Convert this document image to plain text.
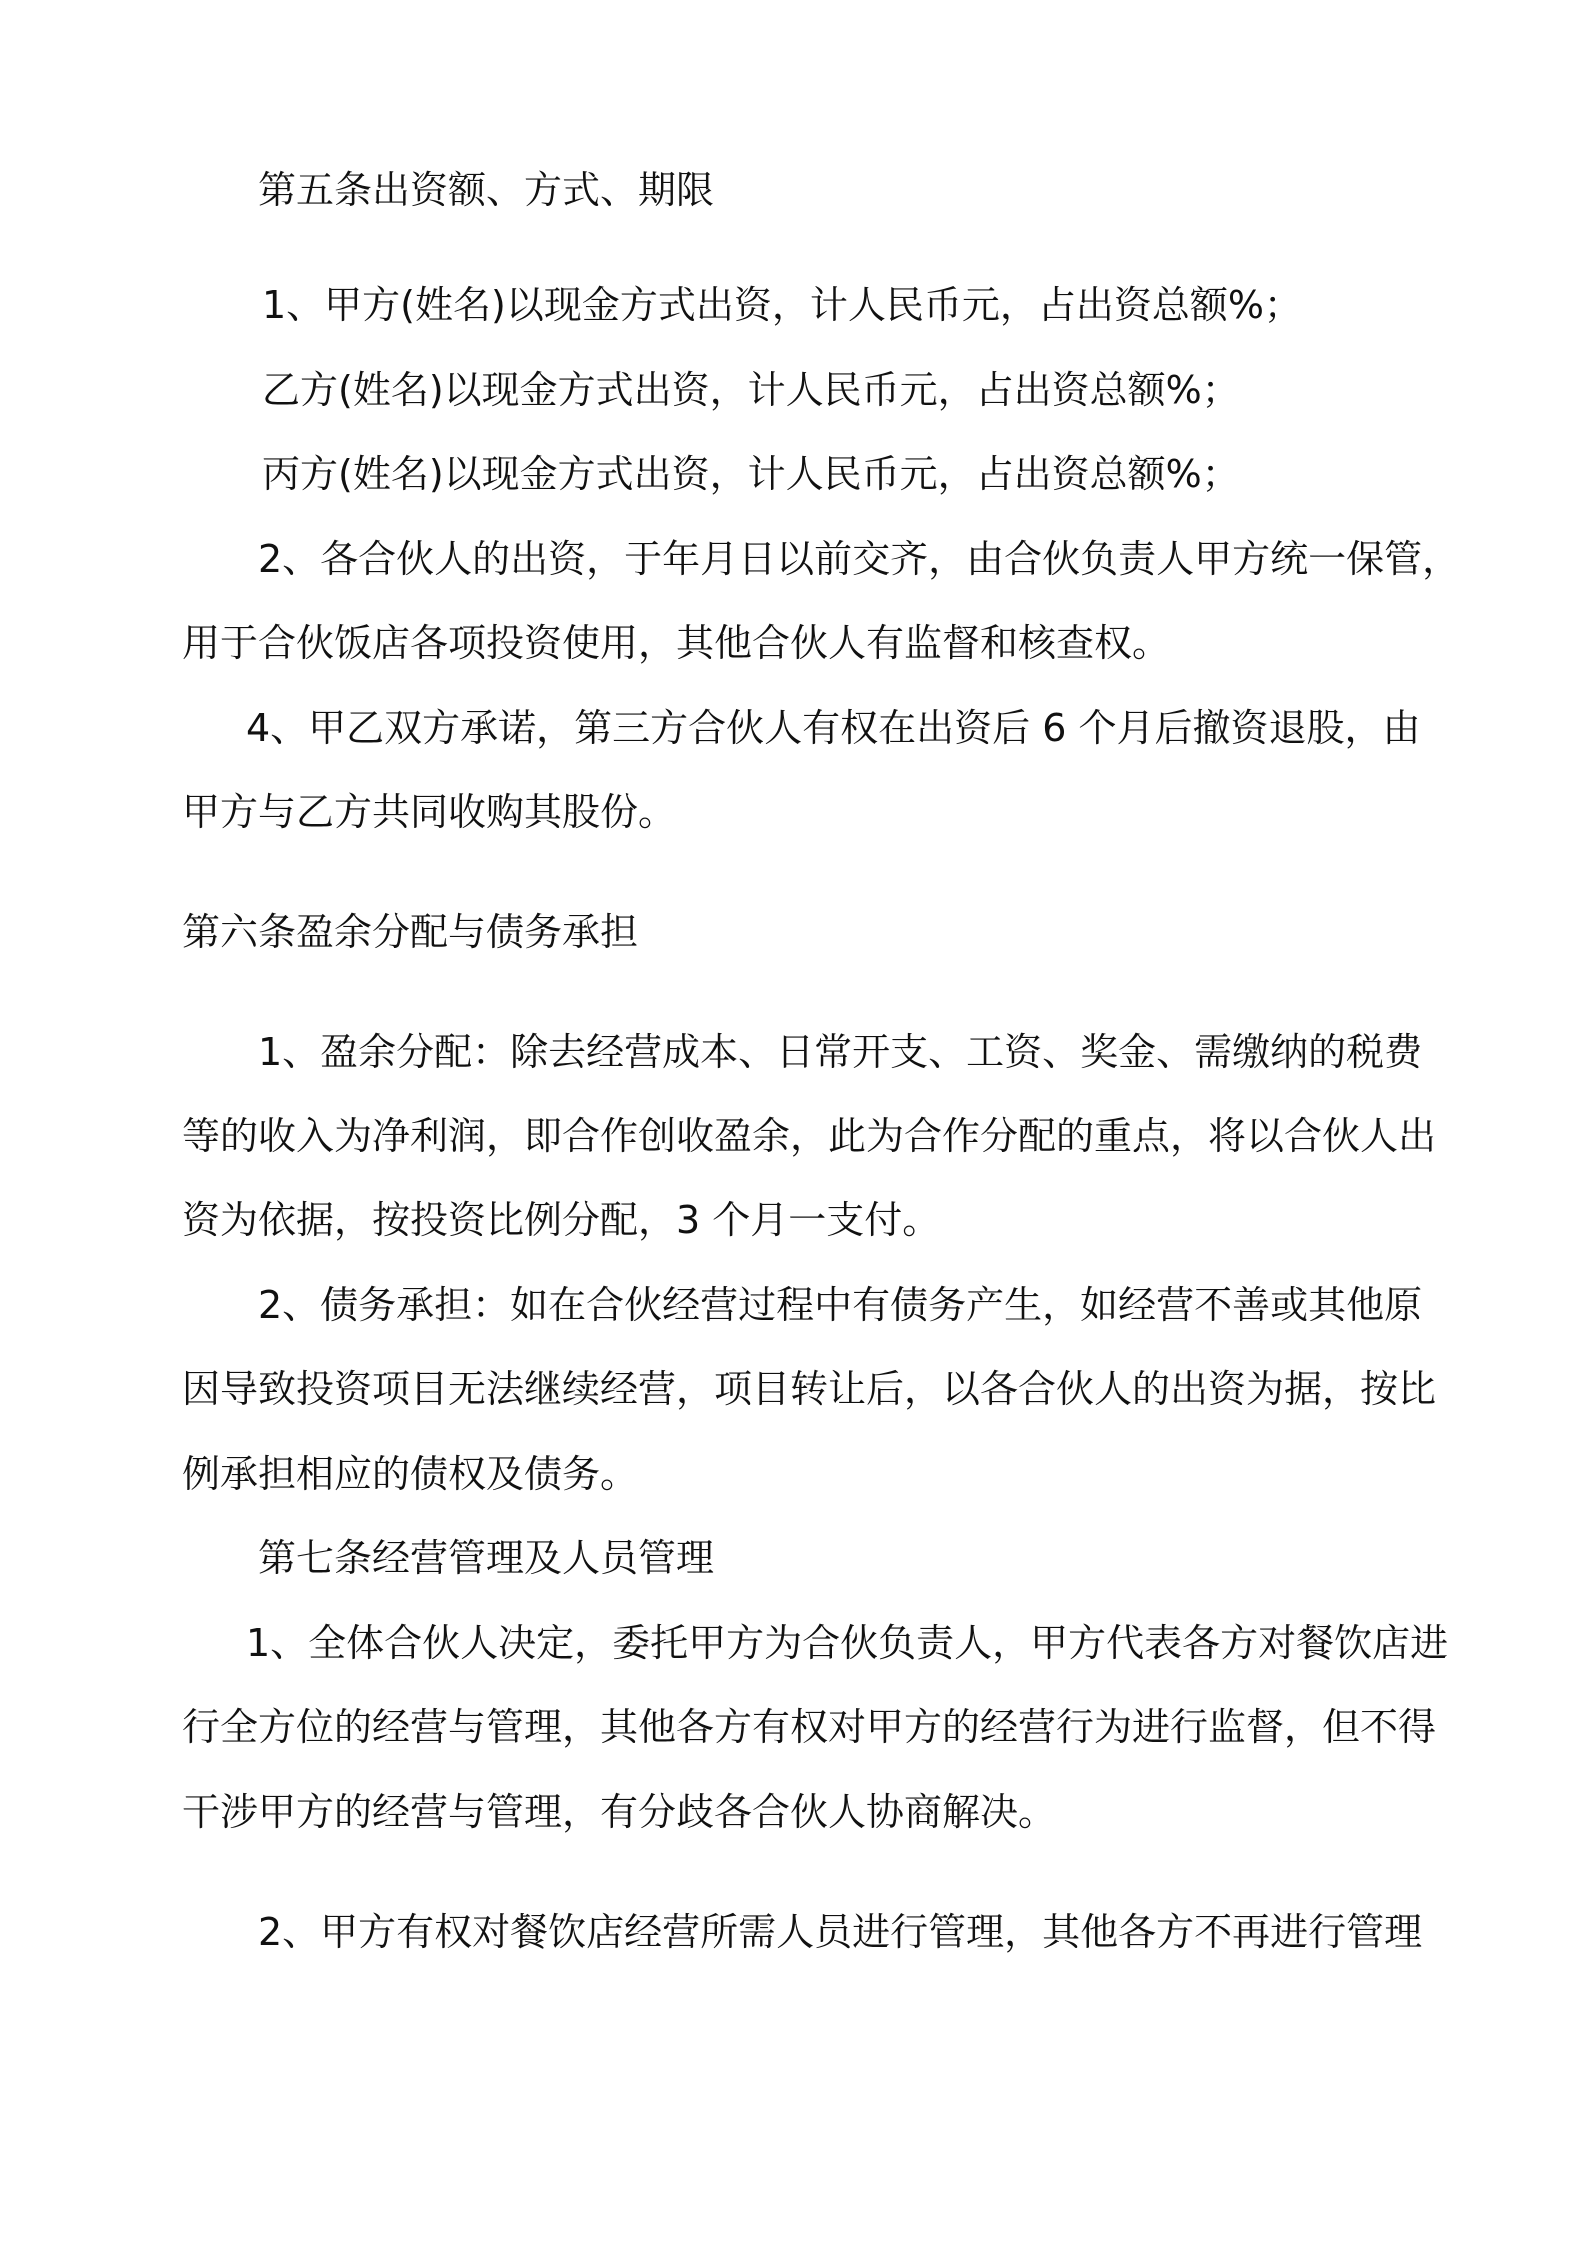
第五条出资额、方式、期限
1、甲方(姓名)以现金方式出资，计人民币元，占出资总额%；
乙方(姓名)以现金方式出资，计人民币元，占出资总额%；
丙方(姓名)以现金方式出资，计人民币元，占出资总额%；
2、各合伙人的出资，于年月日以前交齐，由合伙负责人甲方统一保管，
用于合伙饭店各项投资使用，其他合伙人有监督和核查权。
4、甲乙双方承诺，第三方合伙人有权在出资后 6 个月后撤资退股，由
甲方与乙方共同收购其股份。
第六条盈余分配与债务承担
1、盈余分配：除去经营成本、日常开支、工资、奖金、需缴纳的税费
等的收入为净利润，即合作创收盈余，此为合作分配的重点，将以合伙人出
资为依据，按投资比例分配，3 个月一支付。
2、债务承担：如在合伙经营过程中有债务产生，如经营不善或其他原
因导致投资项目无法继续经营，项目转让后，以各合伙人的出资为据，按比
例承担相应的债权及债务。
第七条经营管理及人员管理
1、全体合伙人决定，委托甲方为合伙负责人，甲方代表各方对餐饮店进
行全方位的经营与管理，其他各方有权对甲方的经营行为进行监督，但不得
干涉甲方的经营与管理，有分歧各合伙人协商解决。
2、甲方有权对餐饮店经营所需人员进行管理，其他各方不再进行管理
